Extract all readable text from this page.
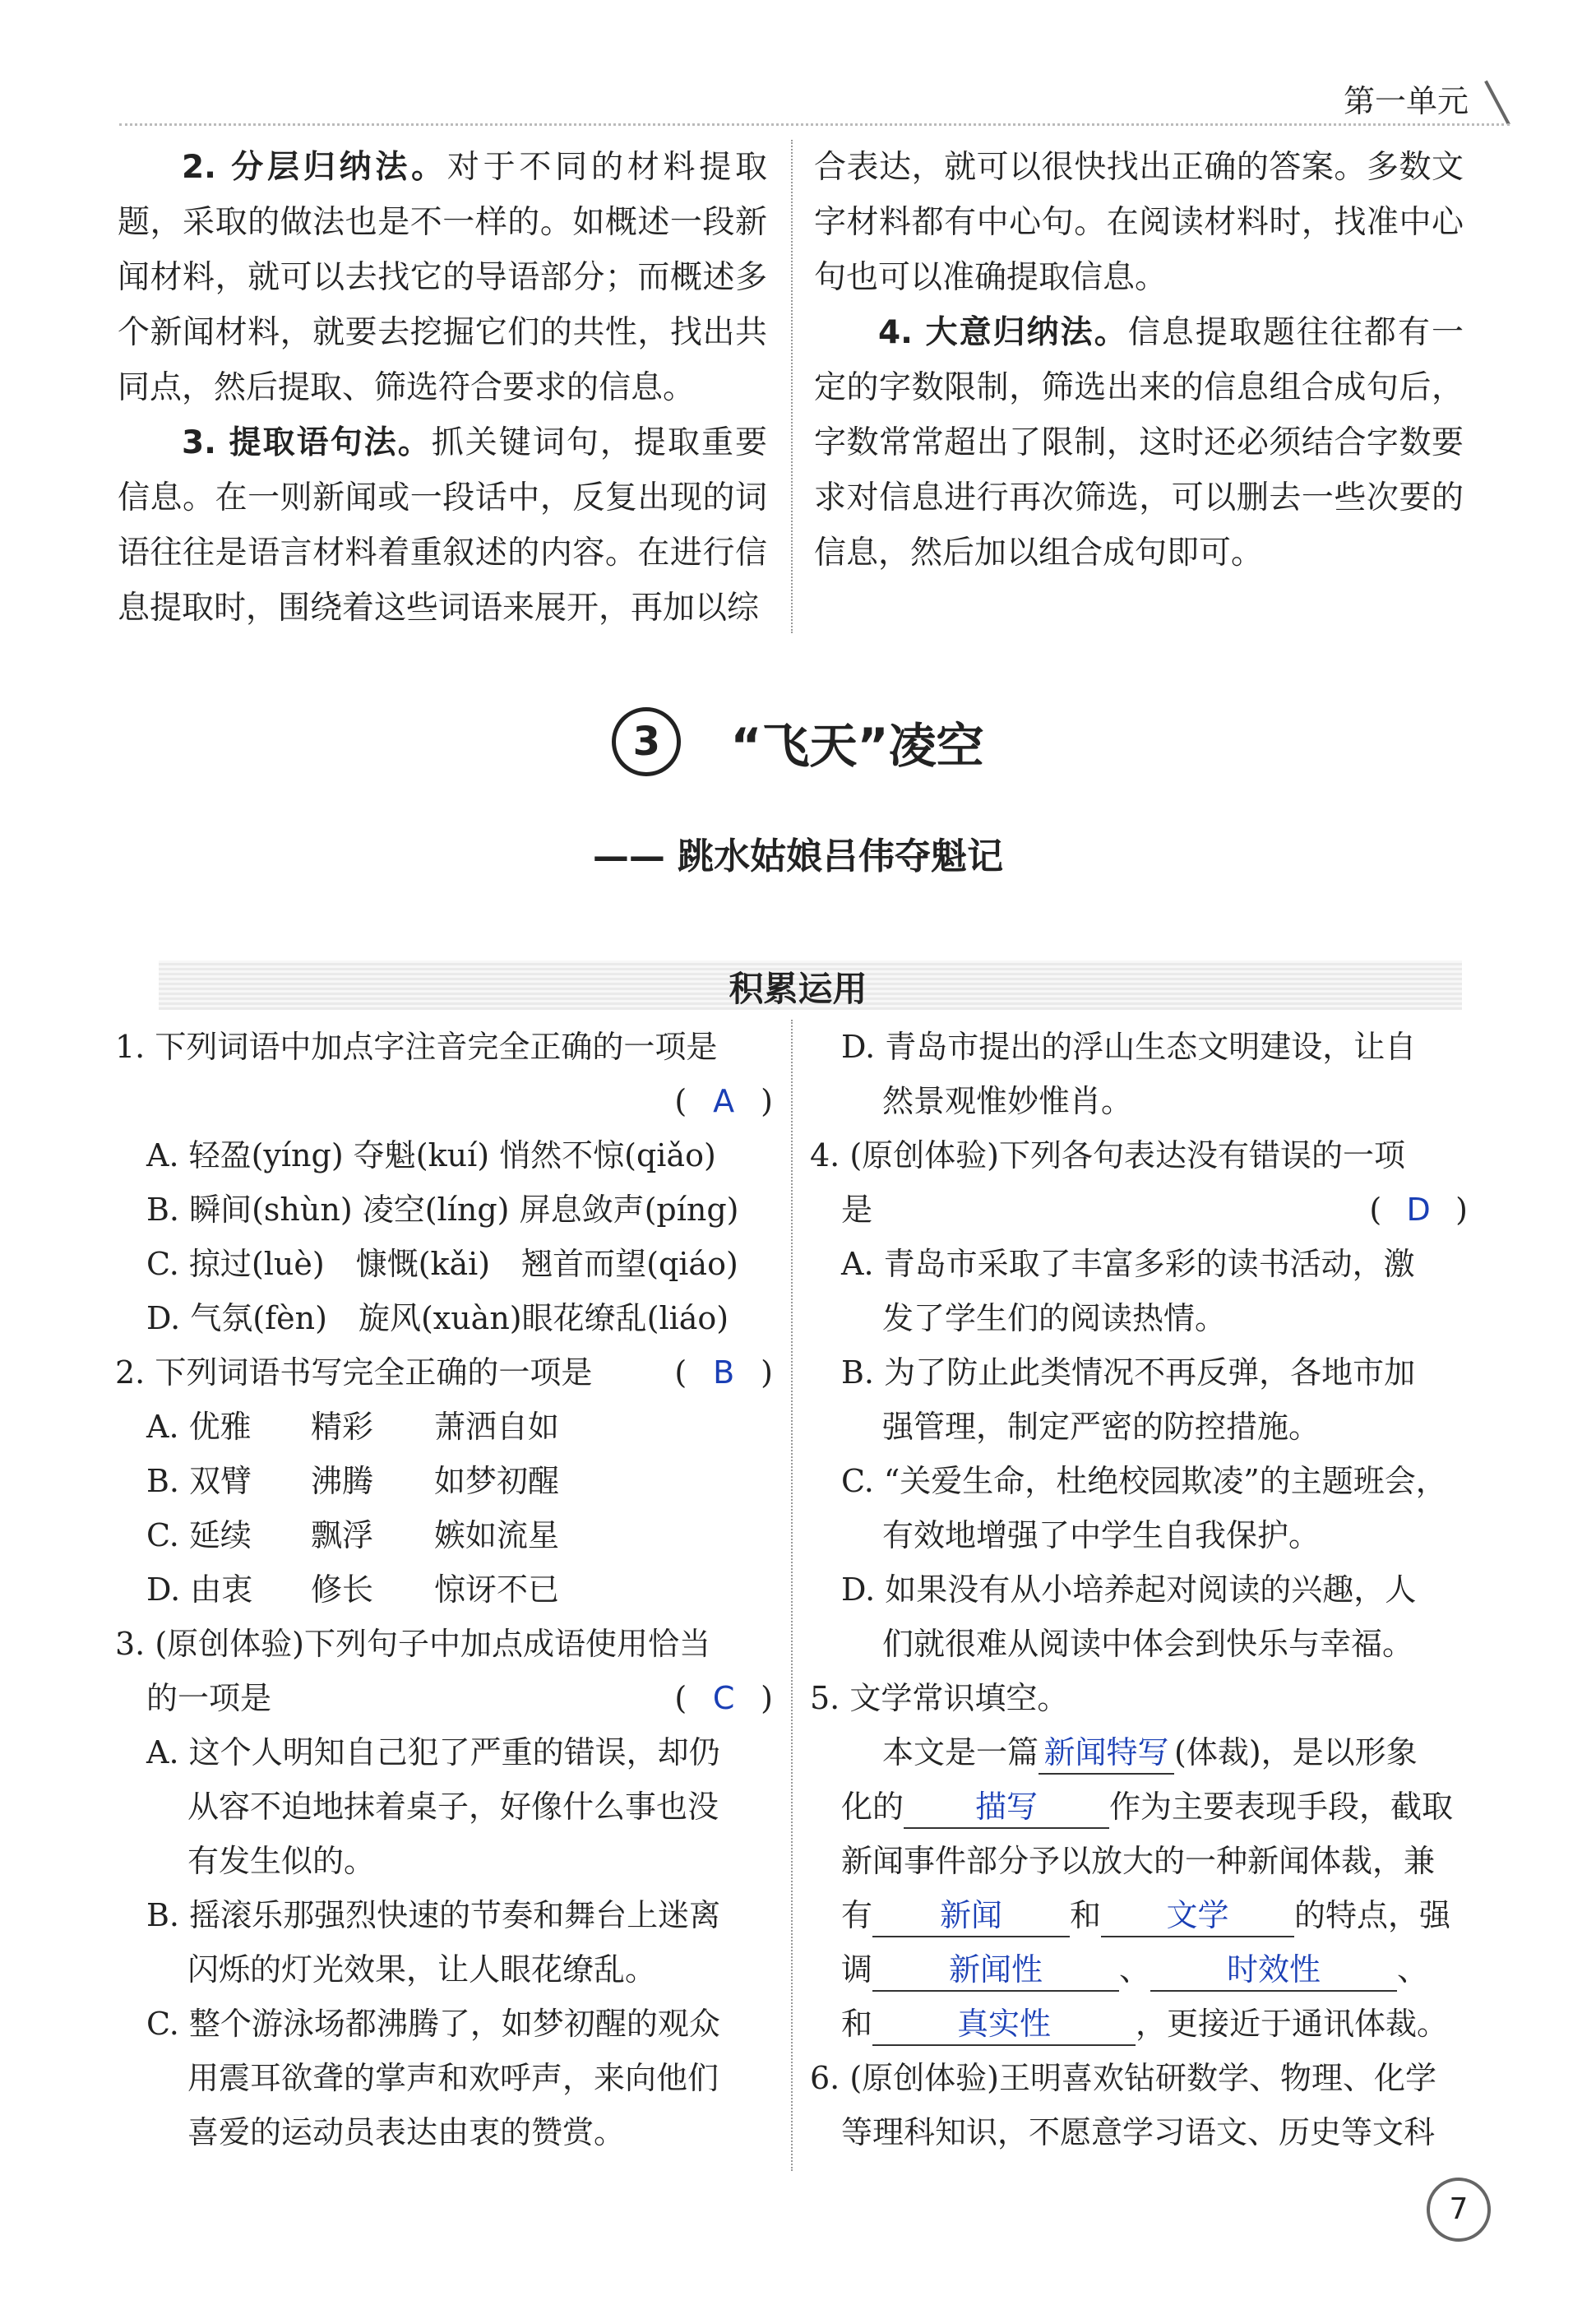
第一单元

2. 分层归纳法。对于不同的材料提取题，采取的做法也是不一样的。如概述一段新闻材料，就可以去找它的导语部分；而概述多个新闻材料，就要去挖掘它们的共性，找出共同点，然后提取、筛选符合要求的信息。

3. 提取语句法。抓关键词句，提取重要信息。在一则新闻或一段话中，反复出现的词语往往是语言材料着重叙述的内容。在进行信息提取时，围绕着这些词语来展开，再加以综

合表达，就可以很快找出正确的答案。多数文字材料都有中心句。在阅读材料时，找准中心句也可以准确提取信息。

4. 大意归纳法。信息提取题往往都有一定的字数限制，筛选出来的信息组合成句后，字数常常超出了限制，这时还必须结合字数要求对信息进行再次筛选，可以删去一些次要的信息，然后加以组合成句即可。

3 “飞天”凌空
—— 跳水姑娘吕伟夺魁记
积累运用
1. 下列词语中加点字注音完全正确的一项是
( A )
A. 轻盈(yíng) 夺魁(kuí) 悄然不惊(qiǎo)
B. 瞬间(shùn) 凌空(líng) 屏息敛声(píng)
C. 掠过(luè)　慷慨(kǎi)　翘首而望(qiáo)
D. 气氛(fèn)　旋风(xuàn)眼花缭乱(liáo)
2. 下列词语书写完全正确的一项是	( B )
A. 优雅 精彩 萧洒自如
B. 双臂 沸腾 如梦初醒
C. 延续 飘浮 嫉如流星
D. 由衷 修长 惊讶不已
3. (原创体验)下列句子中加点成语使用恰当
的一项是	( C )
A. 这个人明知自己犯了严重的错误，却仍
从容不迫地抹着桌子，好像什么事也没
有发生似的。
B. 摇滚乐那强烈快速的节奏和舞台上迷离
闪烁的灯光效果，让人眼花缭乱。
C. 整个游泳场都沸腾了，如梦初醒的观众
用震耳欲聋的掌声和欢呼声，来向他们
喜爱的运动员表达由衷的赞赏。
D. 青岛市提出的浮山生态文明建设，让自
然景观惟妙惟肖。
4. (原创体验)下列各句表达没有错误的一项
是	( D )
A. 青岛市采取了丰富多彩的读书活动，激
发了学生们的阅读热情。
B. 为了防止此类情况不再反弹，各地市加
强管理，制定严密的防控措施。
C. “关爱生命，杜绝校园欺凌”的主题班会，
有效地增强了中学生自我保护。
D. 如果没有从小培养起对阅读的兴趣，人
们就很难从阅读中体会到快乐与幸福。
5. 文学常识填空。
本文是一篇 新闻特写 (体裁)，是以形象
化的 描写 作为主要表现手段，截取
新闻事件部分予以放大的一种新闻体裁，兼
有 新闻 和 文学 的特点，强
调 新闻性 、 时效性 、
和	真实性	，更接近于通讯体裁。
6. (原创体验)王明喜欢钻研数学、物理、化学
等理科知识，不愿意学习语文、历史等文科
7
